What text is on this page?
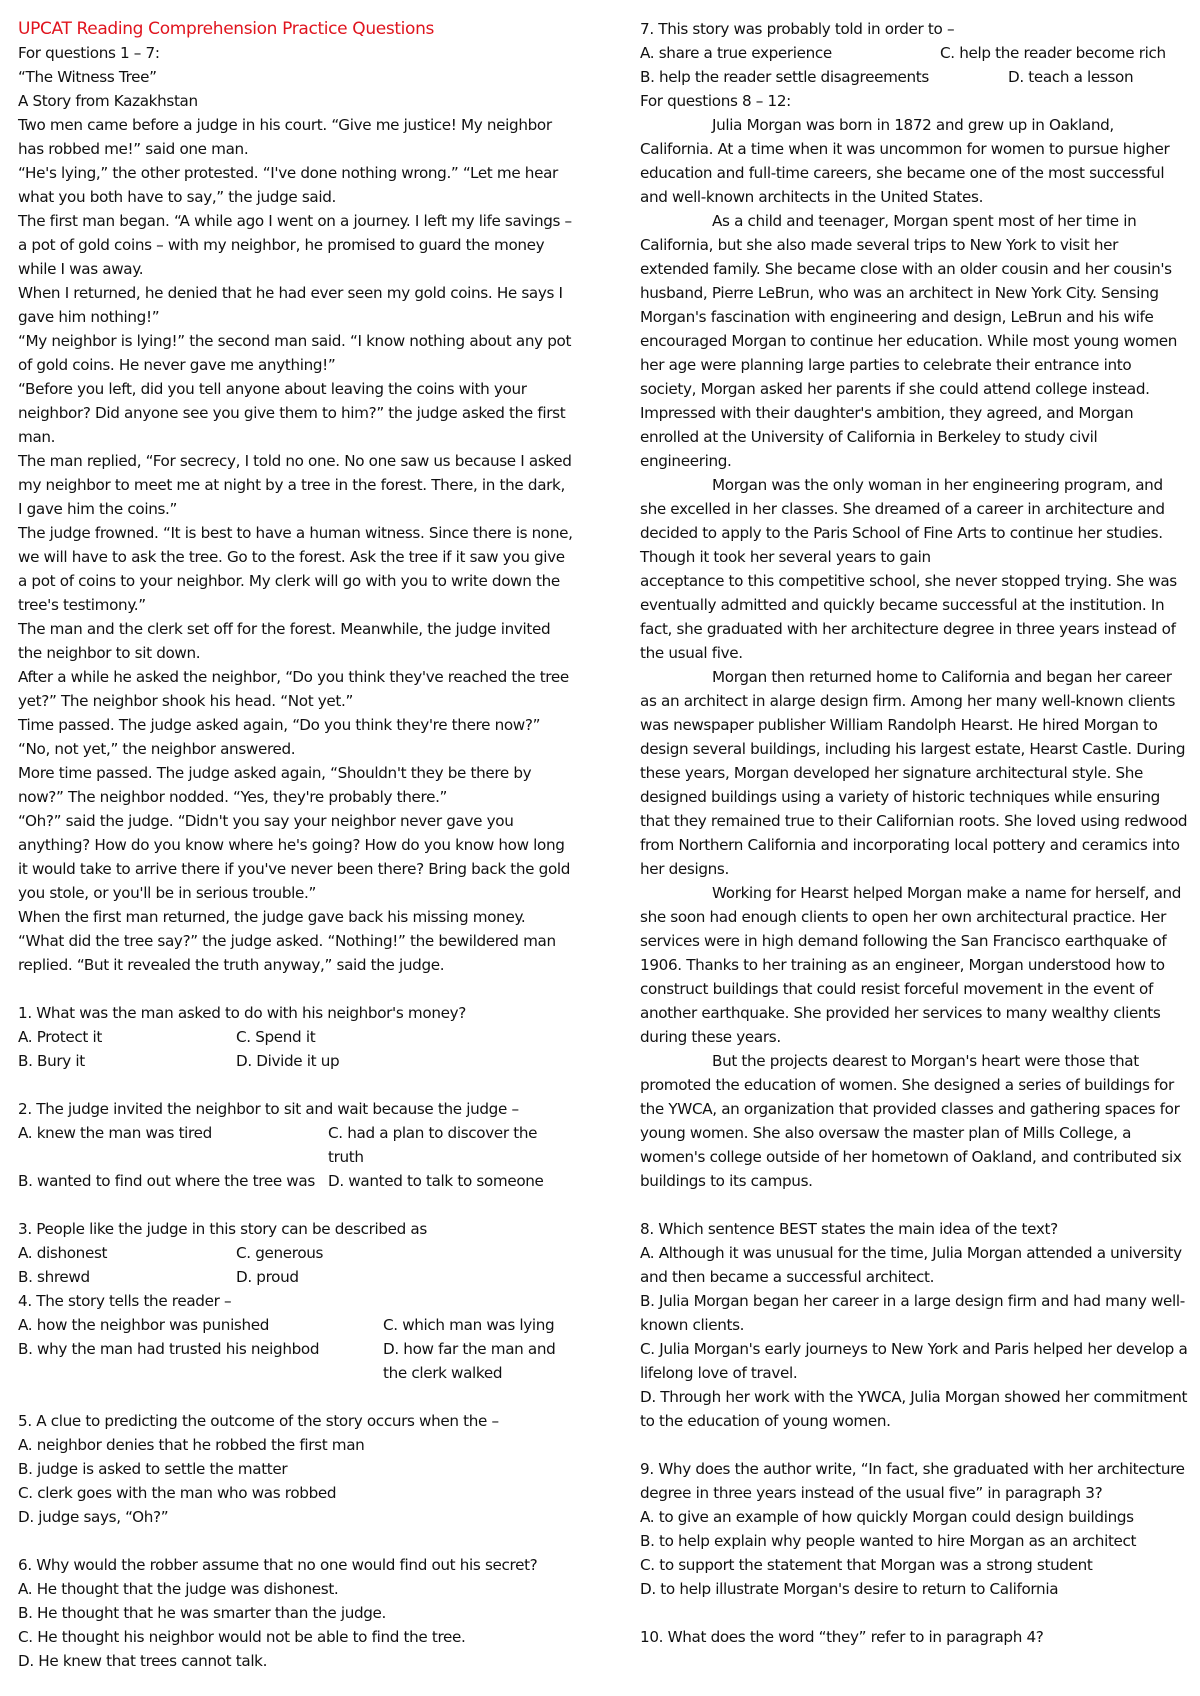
UPCAT Reading Comprehension Practice Questions

For questions 1 – 7:

“The Witness Tree”

A Story from Kazakhstan

Two men came before a judge in his court. “Give me justice! My neighbor has robbed me!” said one man.

“He's lying,” the other protested. “I've done nothing wrong.” “Let me hear what you both have to say,” the judge said.

The first man began. “A while ago I went on a journey. I left my life savings – a pot of gold coins – with my neighbor, he promised to guard the money while I was away.

When I returned, he denied that he had ever seen my gold coins. He says I gave him nothing!”

“My neighbor is lying!” the second man said. “I know nothing about any pot of gold coins. He never gave me anything!”

“Before you left, did you tell anyone about leaving the coins with your neighbor? Did anyone see you give them to him?” the judge asked the first man.

The man replied, “For secrecy, I told no one. No one saw us because I asked my neighbor to meet me at night by a tree in the forest. There, in the dark, I gave him the coins.”

The judge frowned. “It is best to have a human witness. Since there is none, we will have to ask the tree. Go to the forest. Ask the tree if it saw you give a pot of coins to your neighbor. My clerk will go with you to write down the tree's testimony.”

The man and the clerk set off for the forest. Meanwhile, the judge invited the neighbor to sit down.

After a while he asked the neighbor, “Do you think they've reached the tree yet?” The neighbor shook his head. “Not yet.”

Time passed. The judge asked again, “Do you think they're there now?” “No, not yet,” the neighbor answered.

More time passed. The judge asked again, “Shouldn't they be there by now?” The neighbor nodded. “Yes, they're probably there.”

“Oh?” said the judge. “Didn't you say your neighbor never gave you anything? How do you know where he's going? How do you know how long it would take to arrive there if you've never been there? Bring back the gold you stole, or you'll be in serious trouble.”

When the first man returned, the judge gave back his missing money. “What did the tree say?” the judge asked. “Nothing!” the bewildered man replied. “But it revealed the truth anyway,” said the judge.

1. What was the man asked to do with his neighbor's money?

A. Protect it	C. Spend it
B. Bury it	D. Divide it up

2. The judge invited the neighbor to sit and wait because the judge –

A. knew the man was tired	C. had a plan to discover the truth
B. wanted to find out where the tree was D. wanted to talk to someone

3. People like the judge in this story can be described as

A. dishonest	C. generous
B. shrewd	D. proud

4. The story tells the reader –

A. how the neighbor was punished	C. which man was lying
B. why the man had trusted his neighbod	D. how far the man and the clerk walked

5. A clue to predicting the outcome of the story occurs when the –

A. neighbor denies that he robbed the first man

B. judge is asked to settle the matter

C. clerk goes with the man who was robbed

D. judge says, “Oh?”

6. Why would the robber assume that no one would find out his secret?

A. He thought that the judge was dishonest.

B. He thought that he was smarter than the judge.

C. He thought his neighbor would not be able to find the tree.

D. He knew that trees cannot talk.

7. This story was probably told in order to –

A. share a true experience	C. help the reader become rich
B. help the reader settle disagreements	D. teach a lesson

For questions 8 – 12:

Julia Morgan was born in 1872 and grew up in Oakland, California. At a time when it was uncommon for women to pursue higher education and full-time careers, she became one of the most successful and well-known architects in the United States.

As a child and teenager, Morgan spent most of her time in California, but she also made several trips to New York to visit her extended family. She became close with an older cousin and her cousin's husband, Pierre LeBrun, who was an architect in New York City. Sensing Morgan's fascination with engineering and design, LeBrun and his wife encouraged Morgan to continue her education. While most young women her age were planning large parties to celebrate their entrance into society, Morgan asked her parents if she could attend college instead. Impressed with their daughter's ambition, they agreed, and Morgan enrolled at the University of California in Berkeley to study civil engineering.

Morgan was the only woman in her engineering program, and she excelled in her classes. She dreamed of a career in architecture and decided to apply to the Paris School of Fine Arts to continue her studies. Though it took her several years to gain

acceptance to this competitive school, she never stopped trying. She was eventually admitted and quickly became successful at the institution. In fact, she graduated with her architecture degree in three years instead of the usual five.

Morgan then returned home to California and began her career as an architect in alarge design firm. Among her many well-known clients was newspaper publisher William Randolph Hearst. He hired Morgan to design several buildings, including his largest estate, Hearst Castle. During these years, Morgan developed her signature architectural style. She designed buildings using a variety of historic techniques while ensuring that they remained true to their Californian roots. She loved using redwood from Northern California and incorporating local pottery and ceramics into her designs.

Working for Hearst helped Morgan make a name for herself, and she soon had enough clients to open her own architectural practice. Her services were in high demand following the San Francisco earthquake of 1906. Thanks to her training as an engineer, Morgan understood how to construct buildings that could resist forceful movement in the event of another earthquake. She provided her services to many wealthy clients during these years.

But the projects dearest to Morgan's heart were those that promoted the education of women. She designed a series of buildings for the YWCA, an organization that provided classes and gathering spaces for young women. She also oversaw the master plan of Mills College, a women's college outside of her hometown of Oakland, and contributed six buildings to its campus.

8. Which sentence BEST states the main idea of the text?

A. Although it was unusual for the time, Julia Morgan attended a university and then became a successful architect.

B. Julia Morgan began her career in a large design firm and had many well-known clients.

C. Julia Morgan's early journeys to New York and Paris helped her develop a lifelong love of travel.

D. Through her work with the YWCA, Julia Morgan showed her commitment to the education of young women.

9. Why does the author write, “In fact, she graduated with her architecture degree in three years instead of the usual five” in paragraph 3?

A. to give an example of how quickly Morgan could design buildings

B. to help explain why people wanted to hire Morgan as an architect

C. to support the statement that Morgan was a strong student

D. to help illustrate Morgan's desire to return to California

10. What does the word “they” refer to in paragraph 4?
